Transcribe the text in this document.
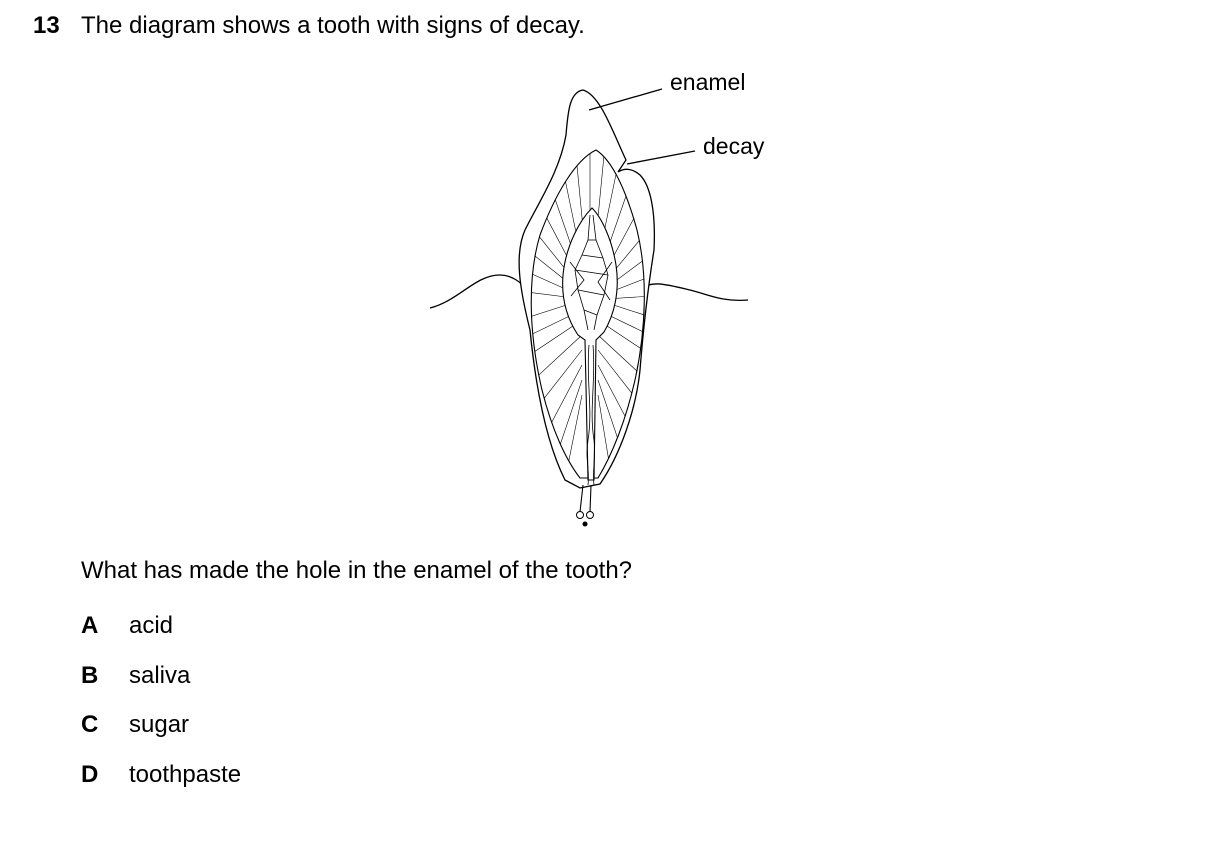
13 The diagram shows a tooth with signs of decay.
enamel
decay
What has made the hole in the enamel of the tooth?
A acid
B saliva
C sugar
D toothpaste
